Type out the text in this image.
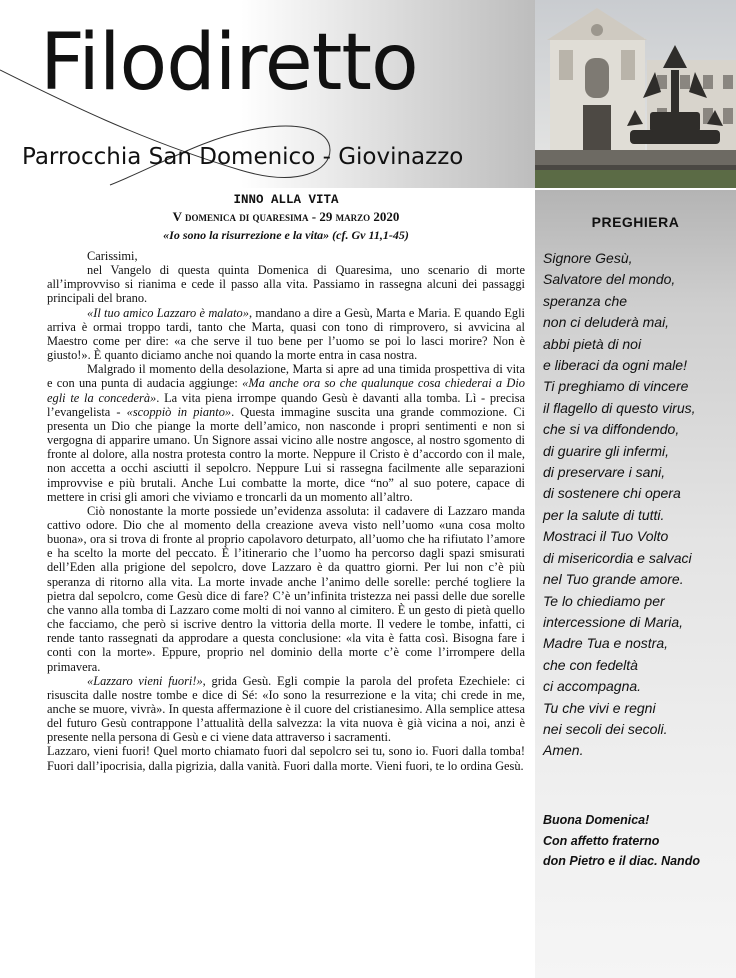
Filodiretto
Parrocchia San Domenico - Giovinazzo
PREGHIERA
Signore Gesù,
Salvatore del mondo,
speranza che
non ci deluderà mai,
abbi pietà di noi
e liberaci da ogni male!
Ti preghiamo di vincere
il flagello di questo virus,
che si va diffondendo,
di guarire gli infermi,
di preservare i sani,
di sostenere chi opera
per la salute di tutti.
Mostraci il Tuo Volto
di misericordia e salvaci
nel Tuo grande amore.
Te lo chiediamo per
intercessione di Maria,
Madre Tua e nostra,
che con fedeltà
ci accompagna.
Tu che vivi e regni
nei secoli dei secoli.
Amen.
Buona Domenica!
Con affetto fraterno
don Pietro e il diac. Nando
INNO ALLA VITA
V domenica di quaresima - 29 marzo 2020
«Io sono la risurrezione e la vita» (cf. Gv 11,1-45)

Carissimi,

nel Vangelo di questa quinta Domenica di Quaresima, uno scenario di morte all’improvviso si rianima e cede il passo alla vita. Passiamo in rassegna alcuni dei passaggi principali del brano.

«Il tuo amico Lazzaro è malato», mandano a dire a Gesù, Marta e Maria. E quando Egli arriva è ormai troppo tardi, tanto che Marta, quasi con tono di rimprovero, si avvicina al Maestro come per dire: «a che serve il tuo bene per l’uomo se poi lo lasci morire? Non è giusto!». È quanto diciamo anche noi quando la morte entra in casa nostra.

Malgrado il momento della desolazione, Marta si apre ad una timida prospettiva di vita e con una punta di audacia aggiunge: «Ma anche ora so che qualunque cosa chiederai a Dio egli te la concederà». La vita piena irrompe quando Gesù è davanti alla tomba. Lì - precisa l’evangelista - «scoppiò in pianto». Questa immagine suscita una grande commozione. Ci presenta un Dio che piange la morte dell’amico, non nasconde i propri sentimenti e non si vergogna di apparire umano. Un Signore assai vicino alle nostre angosce, al nostro sgomento di fronte al dolore, alla nostra protesta contro la morte. Neppure il Cristo è d’accordo con il male, non accetta a occhi asciutti il sepolcro. Neppure Lui si rassegna facilmente alle separazioni improvvise e più brutali. Anche Lui combatte la morte, dice “no” al suo potere, capace di mettere in crisi gli amori che viviamo e troncarli da un momento all’altro.

Ciò nonostante la morte possiede un’evidenza assoluta: il cadavere di Lazzaro manda cattivo odore. Dio che al momento della creazione aveva visto nell’uomo «una cosa molto buona», ora si trova di fronte al proprio capolavoro deturpato, all’uomo che ha rifiutato l’amore e ha scelto la morte del peccato. È l’itinerario che l’uomo ha percorso dagli spazi smisurati dell’Eden alla prigione del sepolcro, dove Lazzaro è da quattro giorni. Per lui non c’è più speranza di ritorno alla vita. La morte invade anche l’animo delle sorelle: perché togliere la pietra dal sepolcro, come Gesù dice di fare? C’è un’infinita tristezza nei passi delle due sorelle che vanno alla tomba di Lazzaro come molti di noi vanno al cimitero. È un gesto di pietà quello che facciamo, che però si iscrive dentro la vittoria della morte. Il vedere le tombe, infatti, ci rende tanto rassegnati da approdare a questa conclusione: «la vita è fatta così. Bisogna fare i conti con la morte». Eppure, proprio nel dominio della morte c’è come l’irrompere della primavera.

«Lazzaro vieni fuori!», grida Gesù. Egli compie la parola del profeta Ezechiele: ci risuscita dalle nostre tombe e dice di Sé: «Io sono la resurrezione e la vita; chi crede in me, anche se muore, vivrà». In questa affermazione è il cuore del cristianesimo. Alla semplice attesa del futuro Gesù contrappone l’attualità della salvezza: la vita nuova è già vicina a noi, anzi è presente nella persona di Gesù e ci viene data attraverso i sacramenti.

Lazzaro, vieni fuori! Quel morto chiamato fuori dal sepolcro sei tu, sono io. Fuori dalla tomba! Fuori dall’ipocrisia, dalla pigrizia, dalla vanità. Fuori dalla morte. Vieni fuori, te lo ordina Gesù.
